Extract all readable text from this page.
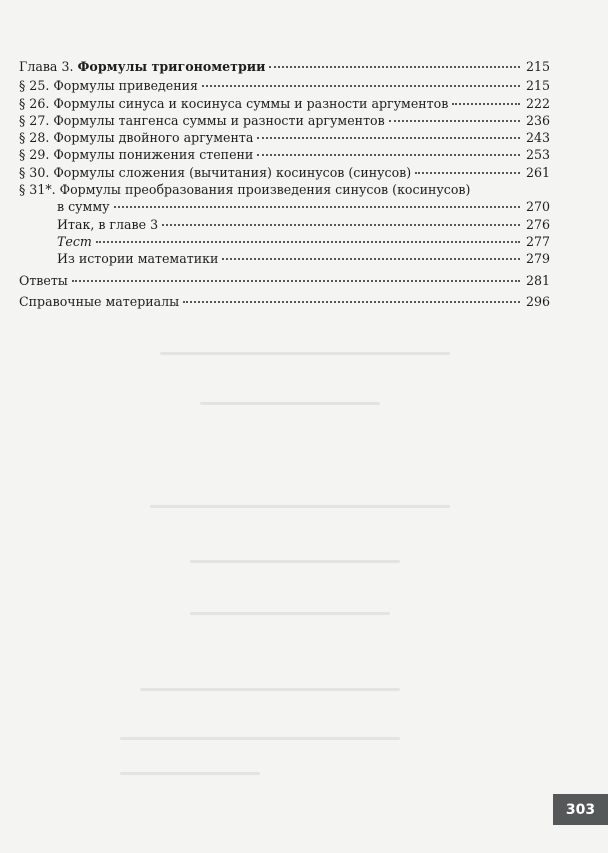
Глава 3. Формулы тригонометрии	215
§ 25. Формулы приведения	215
§ 26. Формулы синуса и косинуса суммы и разности аргументов	222
§ 27. Формулы тангенса суммы и разности аргументов	236
§ 28. Формулы двойного аргумента	243
§ 29. Формулы понижения степени	253
§ 30. Формулы сложения (вычитания) косинусов (синусов)	261
§ 31*. Формулы преобразования произведения синусов (косинусов)
в сумму	270
Итак, в главе 3	276
Тест	277
Из истории математики	279
Ответы	281
Справочные материалы	296
303
